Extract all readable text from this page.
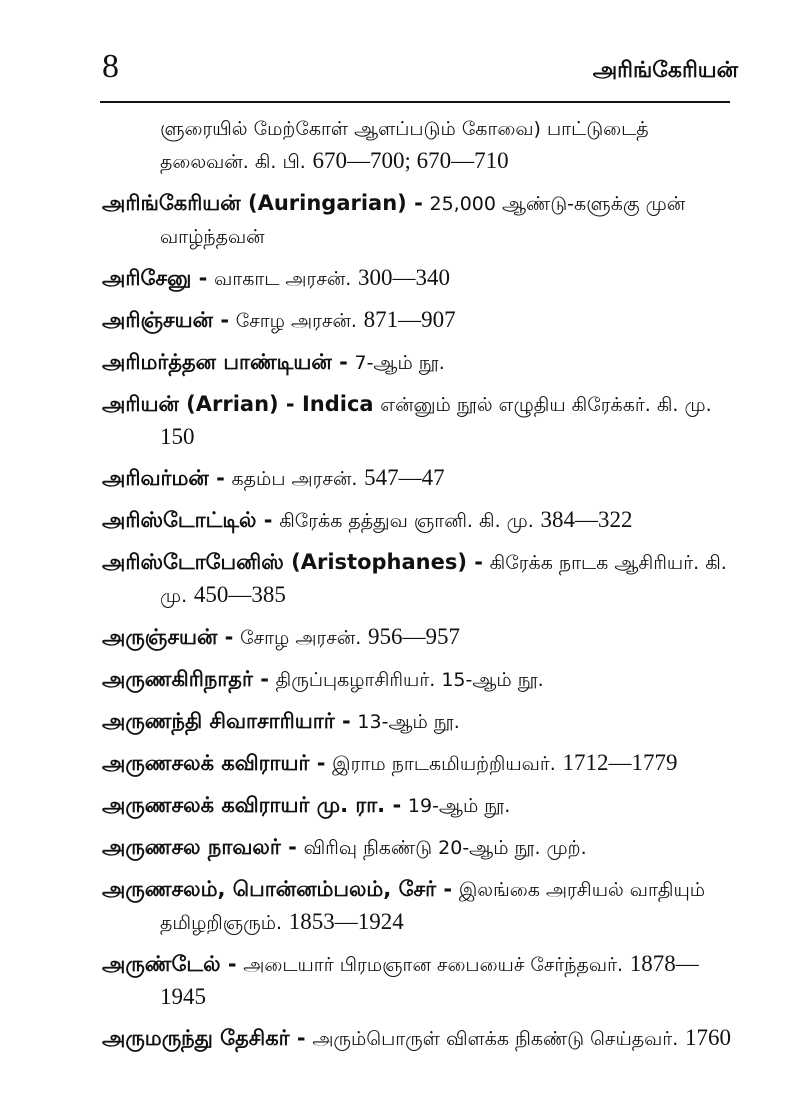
8	அரிங்கேரியன்
ளுரையில் மேற்கோள் ஆளப்படும் கோவை) பாட்டுடைத் தலைவன். கி. பி. 670—700; 670—710
அரிங்கேரியன் (Auringarian) - 25,000 ஆண்டு-களுக்கு முன் வாழ்ந்தவன்
அரிசேனு - வாகாட அரசன். 300—340
அரிஞ்சயன் - சோழ அரசன். 871—907
அரிமர்த்தன பாண்டியன் - 7-ஆம் நூ.
அரியன் (Arrian) - Indica என்னும் நூல் எழுதிய கிரேக்கர். கி. மு. 150
அரிவர்மன் - கதம்ப அரசன். 547—47
அரிஸ்டோட்டில் - கிரேக்க தத்துவ ஞானி. கி. மு. 384—322
அரிஸ்டோபேனிஸ் (Aristophanes) - கிரேக்க நாடக ஆசிரியர். கி. மு. 450—385
அருஞ்சயன் - சோழ அரசன். 956—957
அருணகிரிநாதர் - திருப்புகழாசிரியர். 15-ஆம் நூ.
அருணந்தி சிவாசாரியார் - 13-ஆம் நூ.
அருணசலக் கவிராயர் - இராம நாடகமியற்றியவர். 1712—1779
அருணசலக் கவிராயர் மு. ரா. - 19-ஆம் நூ.
அருணசல நாவலர் - விரிவு நிகண்டு 20-ஆம் நூ. முற்.
அருணசலம், பொன்னம்பலம், சேர் - இலங்கை அரசியல் வாதியும் தமிழறிஞரும். 1853—1924
அருண்டேல் - அடையார் பிரமஞான சபையைச் சேர்ந்தவர். 1878—1945
அருமருந்து தேசிகர் - அரும்பொருள் விளக்க நிகண்டு செய்தவர். 1760
